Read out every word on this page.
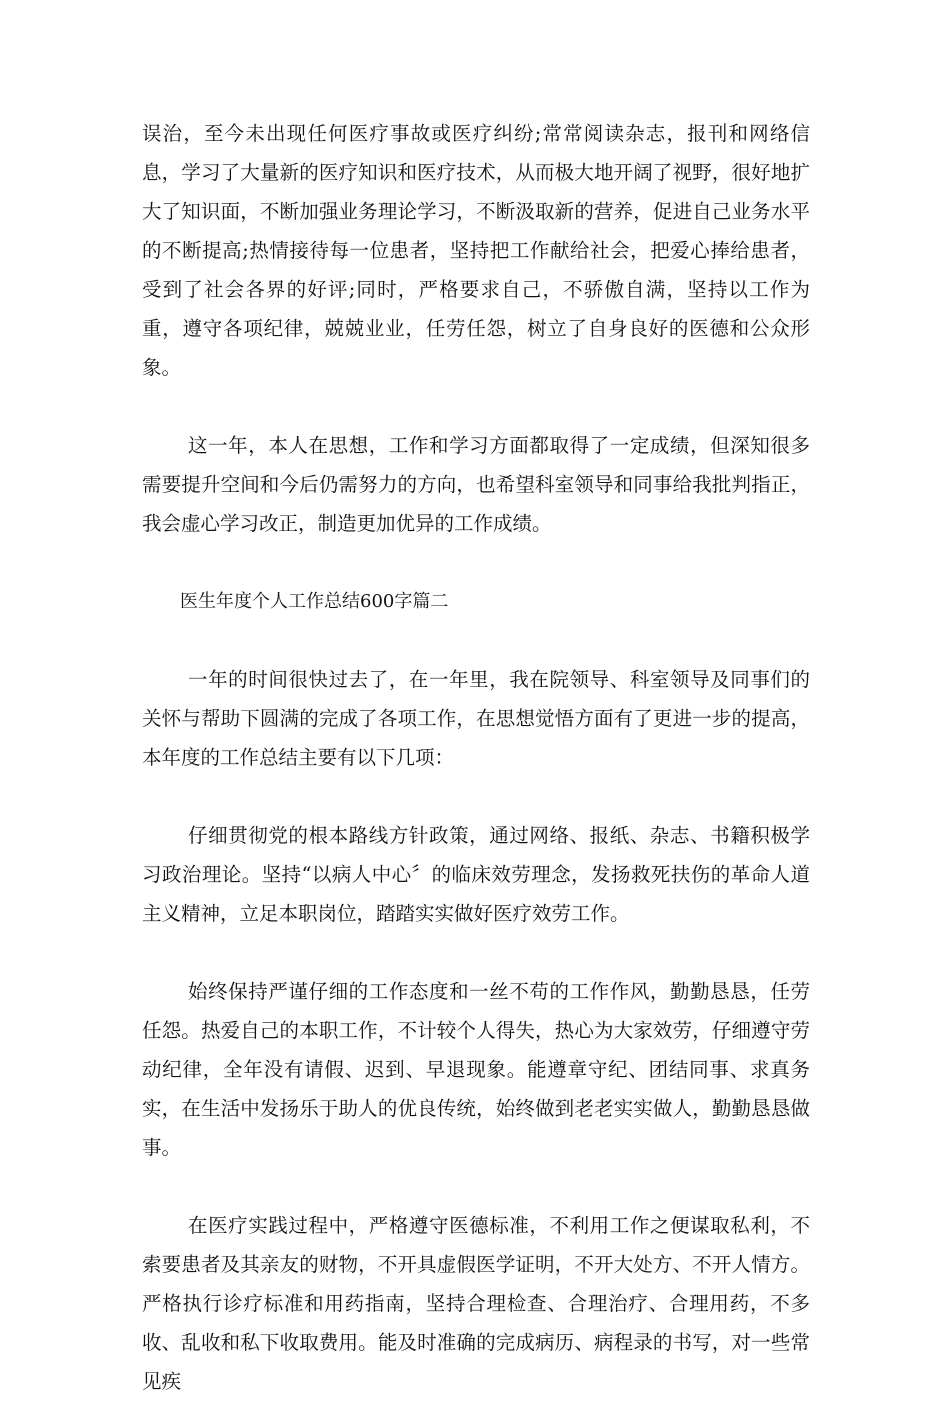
误治，至今未出现任何医疗事故或医疗纠纷;常常阅读杂志，报刊和网络信息，学习了大量新的医疗知识和医疗技术，从而极大地开阔了视野，很好地扩大了知识面，不断加强业务理论学习，不断汲取新的营养，促进自己业务水平的不断提高;热情接待每一位患者，坚持把工作献给社会，把爱心捧给患者，受到了社会各界的好评;同时，严格要求自己，不骄傲自满，坚持以工作为重，遵守各项纪律，兢兢业业，任劳任怨，树立了自身良好的医德和公众形象。

这一年，本人在思想，工作和学习方面都取得了一定成绩，但深知很多需要提升空间和今后仍需努力的方向，也希望科室领导和同事给我批判指正，我会虚心学习改正，制造更加优异的工作成绩。

医生年度个人工作总结600字篇二

一年的时间很快过去了，在一年里，我在院领导、科室领导及同事们的关怀与帮助下圆满的完成了各项工作，在思想觉悟方面有了更进一步的提高，本年度的工作总结主要有以下几项：

仔细贯彻党的根本路线方针政策，通过网络、报纸、杂志、书籍积极学习政治理论。坚持“以病人中心〞的临床效劳理念，发扬救死扶伤的革命人道主义精神，立足本职岗位，踏踏实实做好医疗效劳工作。

始终保持严谨仔细的工作态度和一丝不苟的工作作风，勤勤恳恳，任劳任怨。热爱自己的本职工作，不计较个人得失，热心为大家效劳，仔细遵守劳动纪律，全年没有请假、迟到、早退现象。能遵章守纪、团结同事、求真务实，在生活中发扬乐于助人的优良传统，始终做到老老实实做人，勤勤恳恳做事。

在医疗实践过程中，严格遵守医德标准，不利用工作之便谋取私利，不索要患者及其亲友的财物，不开具虚假医学证明，不开大处方、不开人情方。严格执行诊疗标准和用药指南，坚持合理检查、合理治疗、合理用药，不多收、乱收和私下收取费用。能及时准确的完成病历、病程录的书写，对一些常见疾
